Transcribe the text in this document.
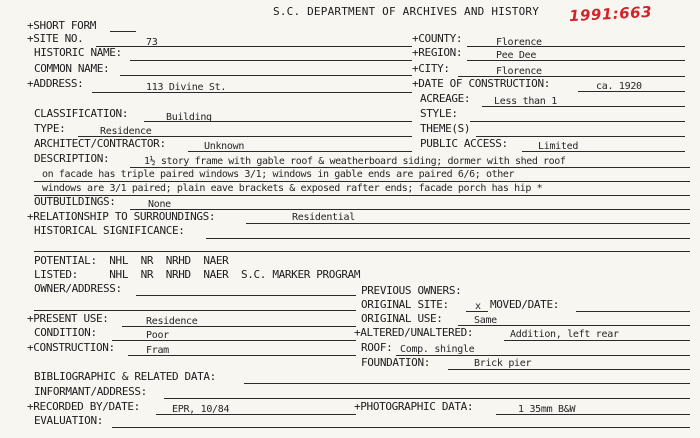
S.C. DEPARTMENT OF ARCHIVES AND HISTORY 1991:663
+SHORT FORM
+SITE NO.	73	+COUNTY:	Florence
HISTORIC NAME:	+REGION:	Pee Dee
COMMON NAME:	+CITY:	Florence
+ADDRESS:	113 Divine St.	+DATE OF CONSTRUCTION:	ca. 1920
ACREAGE: Less than 1
CLASSIFICATION:	Building	STYLE:
TYPE:	Residence	THEME(S)
ARCHITECT/CONTRACTOR:	Unknown	PUBLIC ACCESS:	Limited
DESCRIPTION:	1½ story frame with gable roof & weatherboard siding; dormer with shed roof
on facade has triple paired windows 3/1; windows in gable ends are paired 6/6; other
windows are 3/1 paired; plain eave brackets & exposed rafter ends; facade porch has hip *
OUTBUILDINGS:	None
+RELATIONSHIP TO SURROUNDINGS:	Residential
HISTORICAL SIGNIFICANCE:
POTENTIAL:  NHL  NR  NRHD  NAER
LISTED:     NHL  NR  NRHD  NAER  S.C. MARKER PROGRAM
OWNER/ADDRESS:	PREVIOUS OWNERS:
ORIGINAL SITE:	x MOVED/DATE:
+PRESENT USE:	Residence	ORIGINAL USE:	Same
CONDITION:	Poor	+ALTERED/UNALTERED:	Addition, left rear
+CONSTRUCTION:	Fram	ROOF: Comp. shingle
FOUNDATION:	Brick pier
BIBLIOGRAPHIC & RELATED DATA:
INFORMANT/ADDRESS:
+RECORDED BY/DATE:	EPR, 10/84	+PHOTOGRAPHIC DATA:	1 35mm B&W
EVALUATION:
